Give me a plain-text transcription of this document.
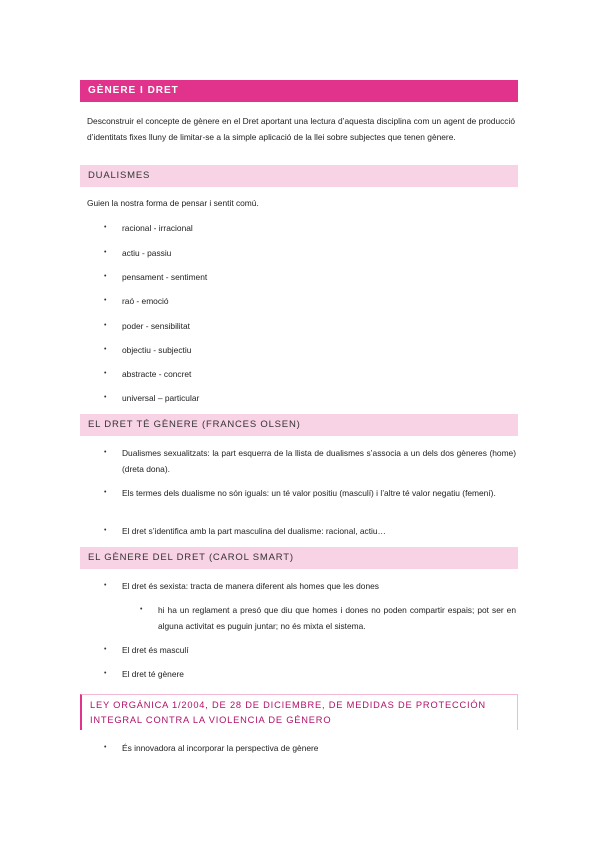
GÈNERE I DRET
Desconstruir el concepte de gènere en el Dret aportant una lectura d’aquesta disciplina com un agent de producció d’identitats fixes lluny de limitar-se a la simple aplicació de la llei sobre subjectes que tenen gènere.
DUALISMES
Guien la nostra forma de pensar i sentit comú.
•	racional - irracional
•	actiu - passiu
•	pensament - sentiment
•	raó - emoció
•	poder - sensibilitat
•	objectiu - subjectiu
•	abstracte - concret
•	universal – particular
EL DRET TÉ GÈNERE (FRANCES OLSEN)
•	Dualismes sexualitzats: la part esquerra de la llista de dualismes s’associa a un dels dos gèneres (home) (dreta dona).
•	Els termes dels dualisme no són iguals: un té valor positiu (masculí) i l’altre té valor negatiu (femení).
•	El dret s’identifica amb la part masculina del dualisme: racional, actiu…
EL GÈNERE DEL DRET (CAROL SMART)
•	El dret és sexista: tracta de manera diferent als homes que les dones
•	hi ha un reglament a presó que diu que homes i dones no poden compartir espais; pot ser en alguna activitat es puguin juntar; no és mixta el sistema.
•	El dret és masculí
•	El dret té gènere
LEY ORGÁNICA 1/2004, DE 28 DE DICIEMBRE, DE MEDIDAS DE PROTECCIÓN
INTEGRAL CONTRA LA VIOLENCIA DE GÉNERO
•	És innovadora al incorporar la perspectiva de gènere
